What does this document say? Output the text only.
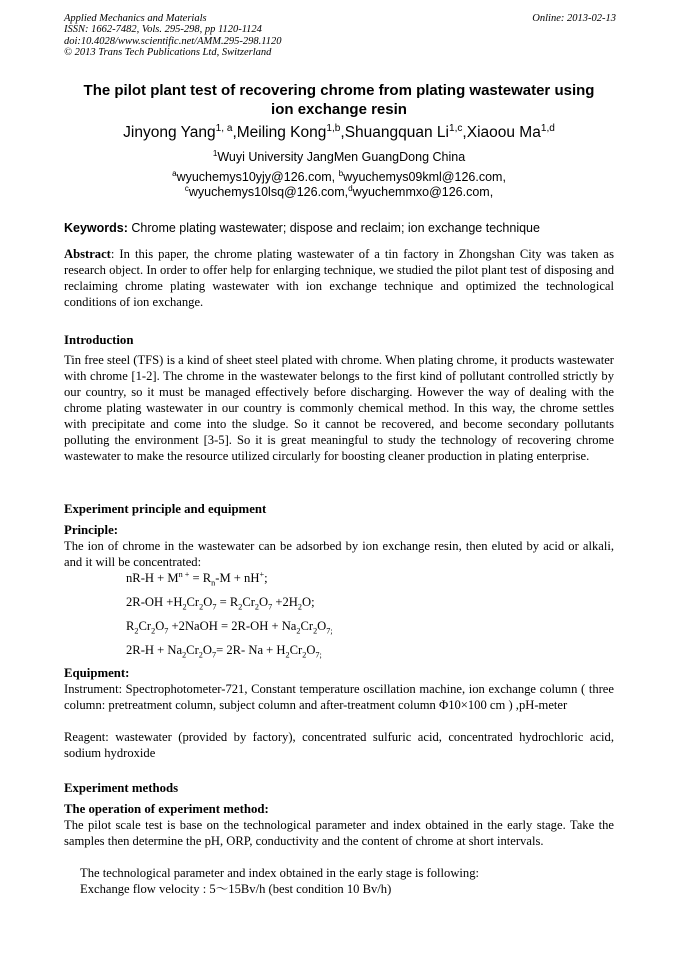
Applied Mechanics and Materials
ISSN: 1662-7482, Vols. 295-298, pp 1120-1124
doi:10.4028/www.scientific.net/AMM.295-298.1120
© 2013 Trans Tech Publications Ltd, Switzerland
Online: 2013-02-13
The pilot plant test of recovering chrome from plating wastewater using
ion exchange resin
Jinyong Yang$^{1, a}$,Meiling Kong$^{1,b}$,Shuangquan Li$^{1,c}$,Xiaoou Ma$^{1,d}$
$^1$Wuyi University JangMen GuangDong China
$^a$wyuchemys10yjy@126.com, $^b$wyuchemys09kml@126.com,
$^c$wyuchemys10lsq@126.com,$^d$wyuchemmxo@126.com,
Keywords: Chrome plating wastewater; dispose and reclaim; ion exchange technique
Abstract: In this paper, the chrome plating wastewater of a tin factory in Zhongshan City was taken as research object. In order to offer help for enlarging technique, we studied the pilot plant test of disposing and reclaiming chrome plating wastewater with ion exchange technique and optimized the technological conditions of ion exchange.
Introduction
Tin free steel (TFS) is a kind of sheet steel plated with chrome. When plating chrome, it products wastewater with chrome [1-2]. The chrome in the wastewater belongs to the first kind of pollutant controlled strictly by our country, so it must be managed effectively before discharging. However the way of dealing with the chrome plating wastewater in our country is commonly chemical method. In this way, the chrome settles with precipitate and come into the sludge. So it cannot be recovered, and become secondary pollutants polluting the environment [3-5]. So it is great meaningful to study the technology of recovering chrome wastewater to make the resource utilized circularly for boosting cleaner production in plating enterprise.
Experiment principle and equipment
Principle:
The ion of chrome in the wastewater can be adsorbed by ion exchange resin, then eluted by acid or alkali, and it will be concentrated:
$nR-H + M^{n +} = R_n-M + nH^+$;
$2R-OH +H_2Cr_2O_7 = R_2Cr_2O_7 +2H_2O$;
$R_2Cr_2O_7$ +2NaOH = $2R-OH + Na_2Cr_2O_{7;}$
$2R-H + Na_2Cr_2O_7= 2R-$ $Na + H_2Cr_2O_{7;}$
Equipment:
Instrument: Spectrophotometer-721, Constant temperature oscillation machine, ion exchange column ( three column: pretreatment column, subject column and after-treatment column Φ10×100 cm ) ,pH-meter
Reagent: wastewater (provided by factory), concentrated sulfuric acid, concentrated hydrochloric acid, sodium hydroxide
Experiment methods
The operation of experiment method:
The pilot scale test is base on the technological parameter and index obtained in the early stage. Take the samples then determine the pH, ORP, conductivity and the content of chrome at short intervals.
The technological parameter and index obtained in the early stage is following:
Exchange flow velocity : 5～15Bv/h (best condition 10 Bv/h)
